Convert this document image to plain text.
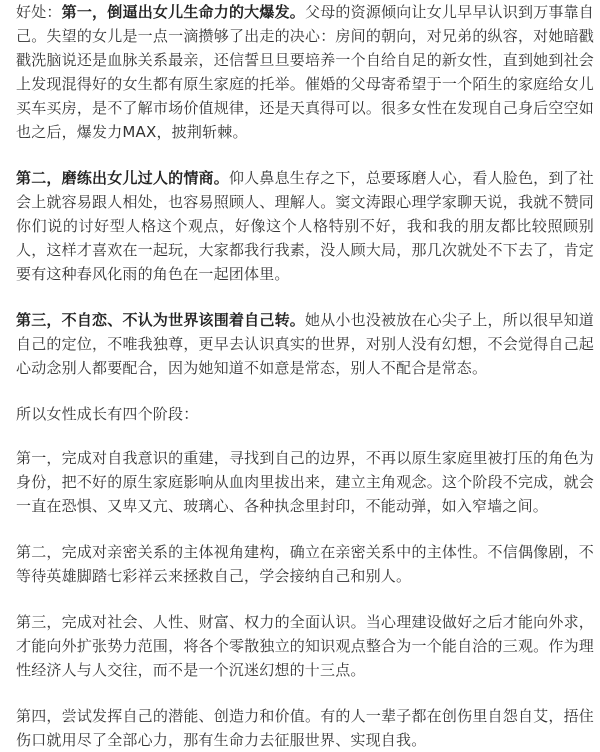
好处：第一，倒逼出女儿生命力的大爆发。父母的资源倾向让女儿早早认识到万事靠自己。失望的女儿是一点一滴攒够了出走的决心：房间的朝向，对兄弟的纵容，对她暗戳戳洗脑说还是血脉关系最亲，还信誓旦旦要培养一个自给自足的新女性，直到她到社会上发现混得好的女生都有原生家庭的托举。催婚的父母寄希望于一个陌生的家庭给女儿买车买房，是不了解市场价值规律，还是天真得可以。很多女性在发现自己身后空空如也之后，爆发力MAX，披荆斩棘。

第二，磨练出女儿过人的情商。仰人鼻息生存之下，总要琢磨人心，看人脸色，到了社会上就容易跟人相处，也容易照顾人、理解人。窦文涛跟心理学家聊天说，我就不赞同你们说的讨好型人格这个观点，好像这个人格特别不好，我和我的朋友都比较照顾别人，这样才喜欢在一起玩，大家都我行我素，没人顾大局，那几次就处不下去了，肯定要有这种春风化雨的角色在一起团体里。

第三，不自恋、不认为世界该围着自己转。她从小也没被放在心尖子上，所以很早知道自己的定位，不唯我独尊，更早去认识真实的世界，对别人没有幻想，不会觉得自己起心动念别人都要配合，因为她知道不如意是常态，别人不配合是常态。

所以女性成长有四个阶段：

第一，完成对自我意识的重建，寻找到自己的边界，不再以原生家庭里被打压的角色为身份，把不好的原生家庭影响从血肉里拔出来，建立主角观念。这个阶段不完成，就会一直在恐惧、又卑又亢、玻璃心、各种执念里封印，不能动弹，如入窄墙之间。

第二，完成对亲密关系的主体视角建构，确立在亲密关系中的主体性。不信偶像剧，不等待英雄脚踏七彩祥云来拯救自己，学会接纳自己和别人。

第三，完成对社会、人性、财富、权力的全面认识。当心理建设做好之后才能向外求，才能向外扩张势力范围，将各个零散独立的知识观点整合为一个能自洽的三观。作为理性经济人与人交往，而不是一个沉迷幻想的十三点。

第四，尝试发挥自己的潜能、创造力和价值。有的人一辈子都在创伤里自怨自艾，捂住伤口就用尽了全部心力，那有生命力去征服世界、实现自我。
